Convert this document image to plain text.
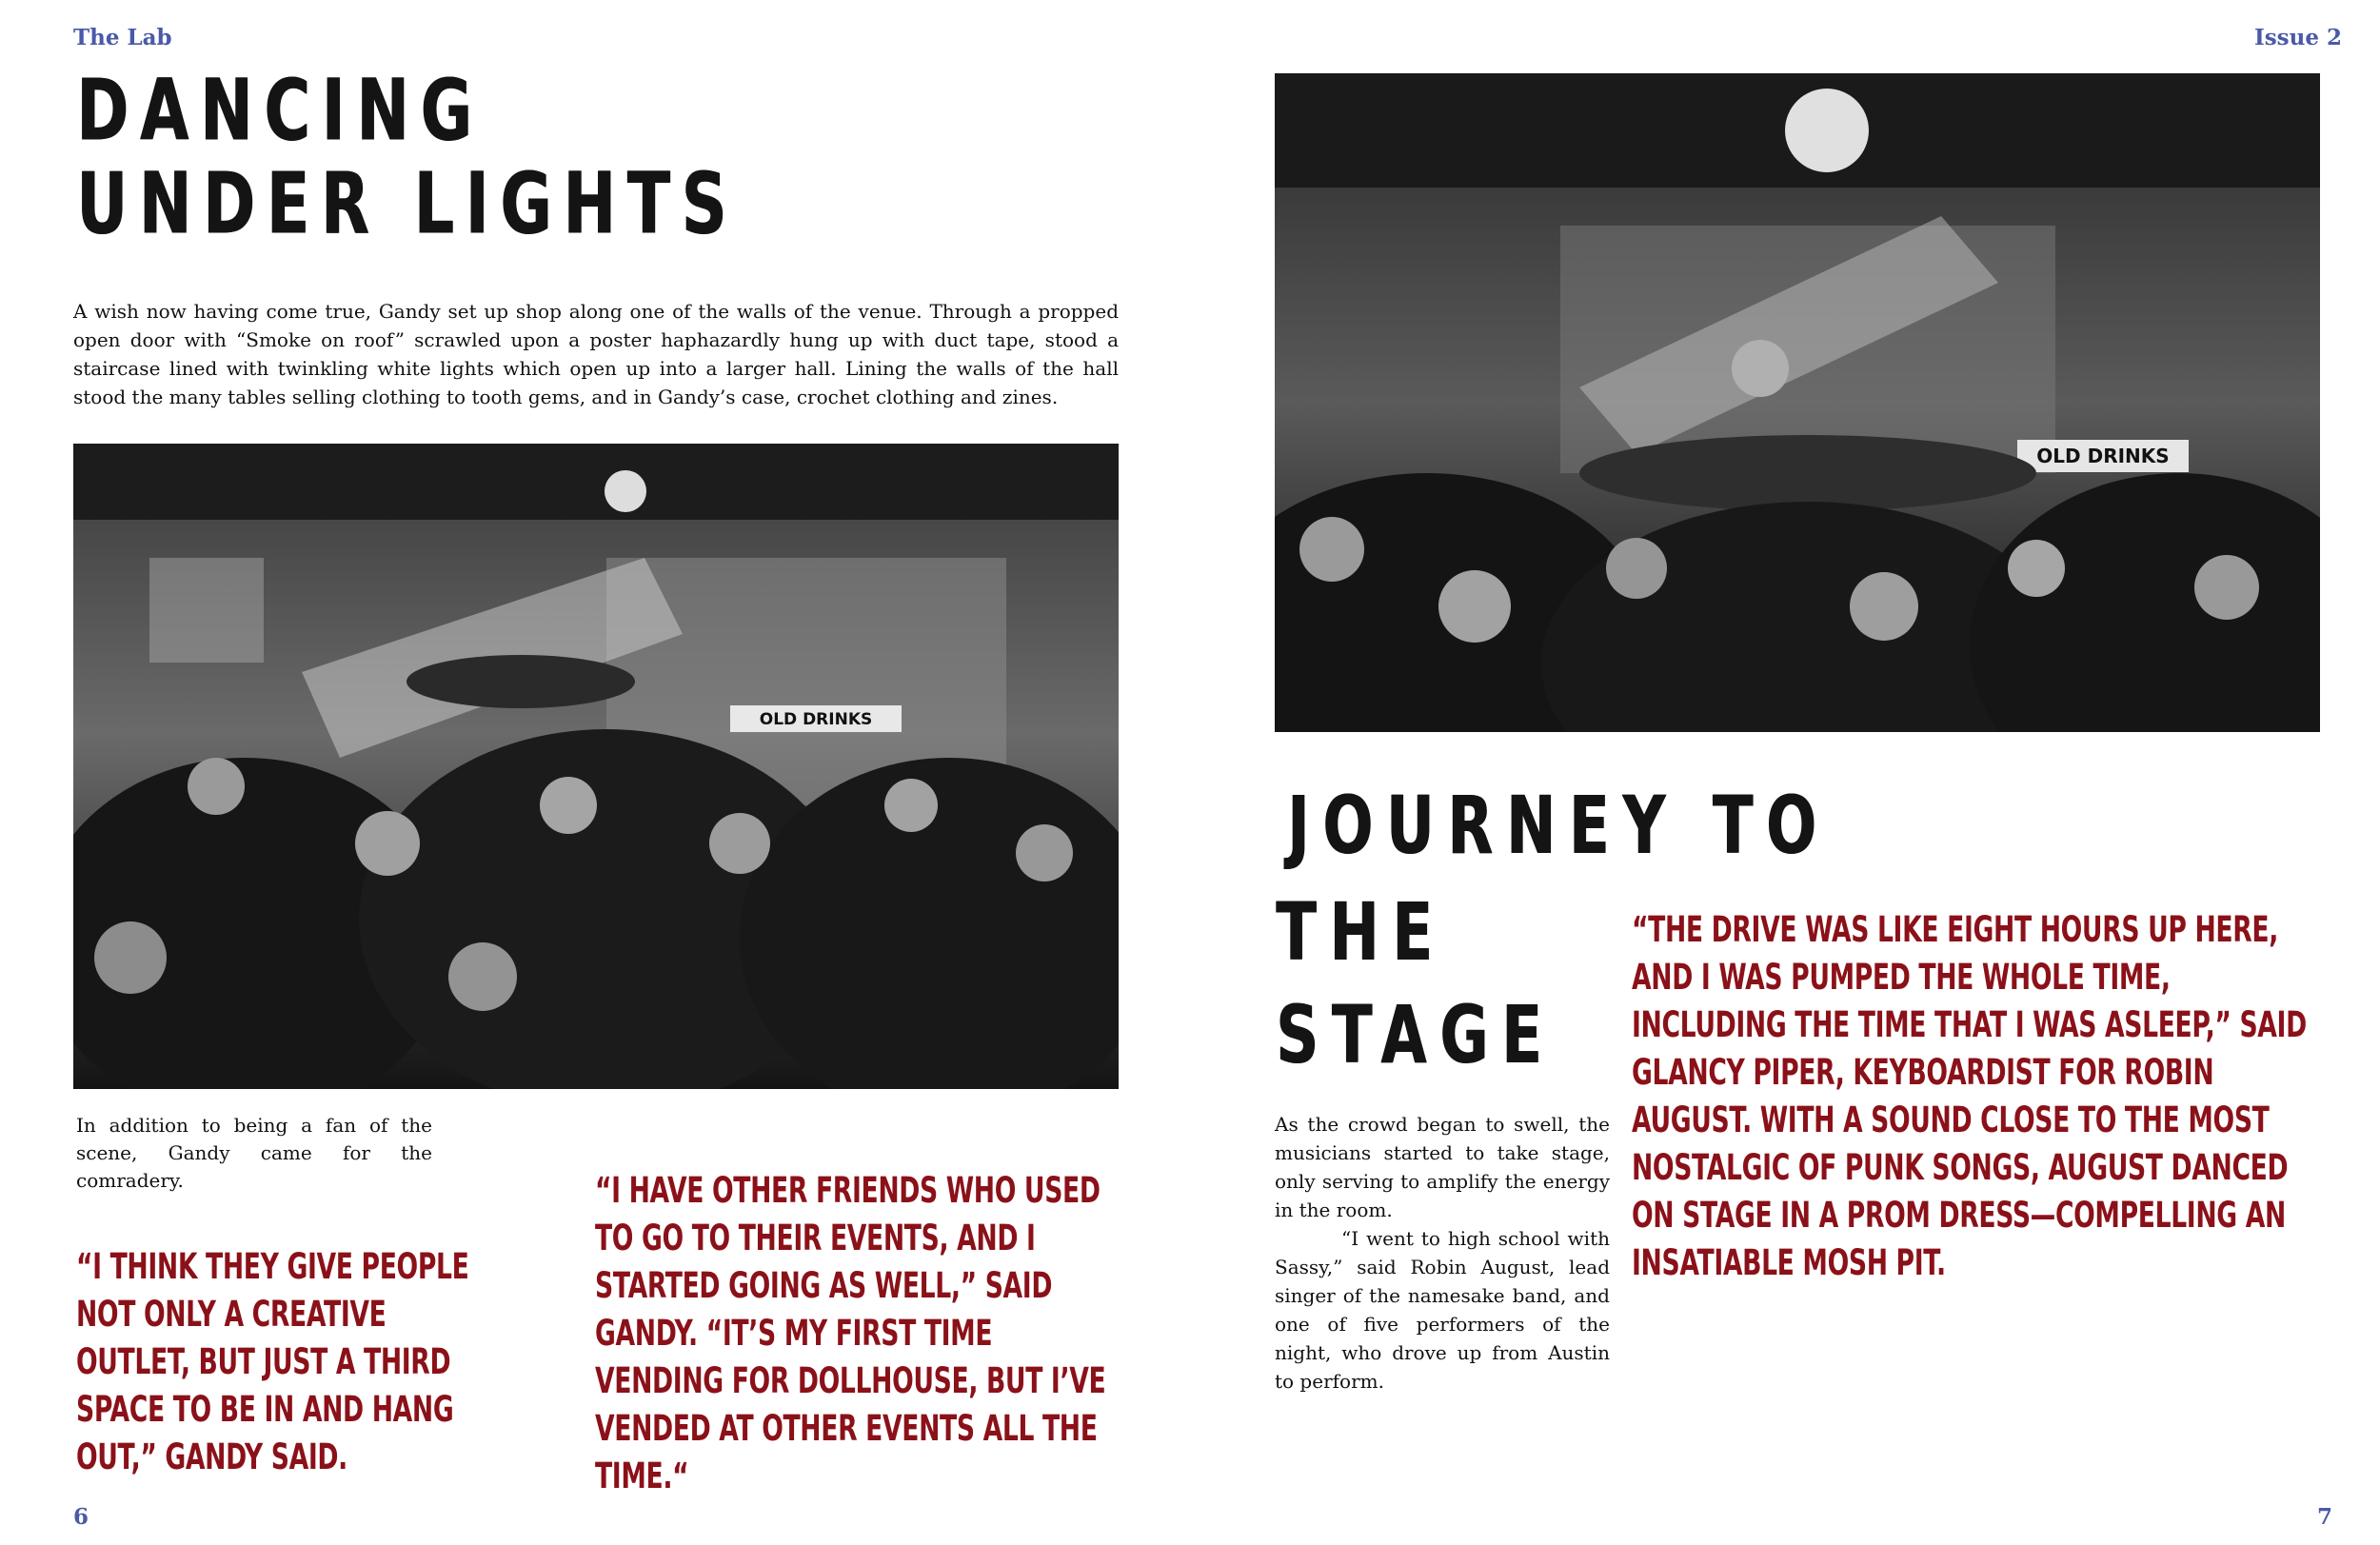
The Lab	Issue 2
6	7
DANCING
UNDER LIGHTS

A wish now having come true, Gandy set up shop along one of the walls of the venue. Through a propped open door with “Smoke on roof” scrawled upon a poster haphazardly hung up with duct tape, stood a staircase lined with twinkling white lights which open up into a larger hall. Lining the walls of the hall stood the many tables selling clothing to tooth gems, and in Gandy’s case, crochet clothing and zines.

OLD DRINKS

In addition to being a fan of the scene, Gandy came for the comradery.

“I THINK THEY GIVE PEOPLE NOT ONLY A CREATIVE OUTLET, BUT JUST A THIRD SPACE TO BE IN AND HANG OUT,” GANDY SAID.

“I HAVE OTHER FRIENDS WHO USED TO GO TO THEIR EVENTS, AND I STARTED GOING AS WELL,” SAID GANDY. “IT’S MY FIRST TIME VENDING FOR DOLLHOUSE, BUT I’VE VENDED AT OTHER EVENTS ALL THE TIME.“

OLD DRINKS
JOURNEY TO
THE
STAGE

As the crowd began to swell, the musicians started to take stage, only serving to amplify the energy in the room.

“I went to high school with Sassy,” said Robin August, lead singer of the namesake band, and one of five performers of the night, who drove up from Austin to perform.

“THE DRIVE WAS LIKE EIGHT HOURS UP HERE, AND I WAS PUMPED THE WHOLE TIME, INCLUDING THE TIME THAT I WAS ASLEEP,” SAID GLANCY PIPER, KEYBOARDIST FOR ROBIN AUGUST. WITH A SOUND CLOSE TO THE MOST NOSTALGIC OF PUNK SONGS, AUGUST DANCED ON STAGE IN A PROM DRESS—COMPELLING AN INSATIABLE MOSH PIT.
